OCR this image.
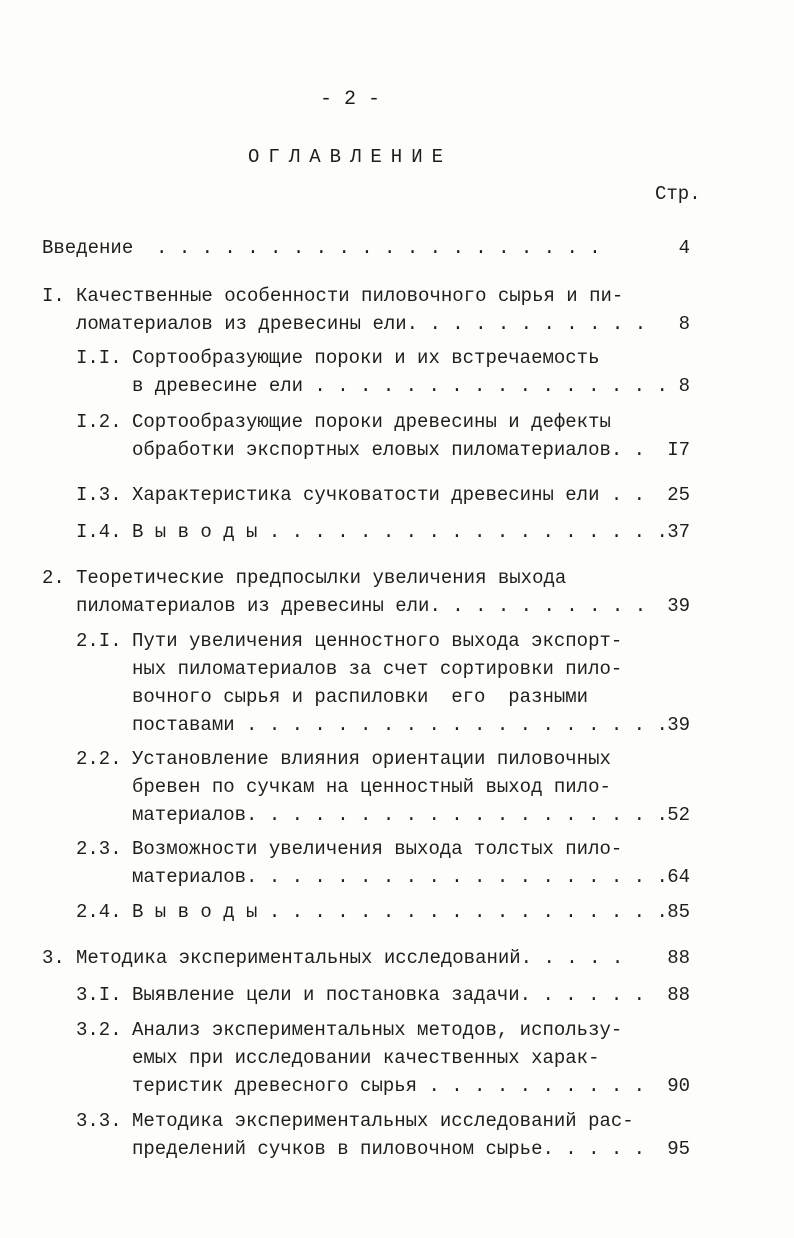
- 2 -
ОГЛАВЛЕНИЕ
Стр.
Введение  . . . . . . . . . . . . . . . . . . . .	4
I. Качественные особенности пиловочного сырья и пи-
ломатериалов из древесины ели. . . . . . . . . . .	8
I.I. Сортообразующие пороки и их встречаемость
в древесине ели . . . . . . . . . . . . . . . . 8
I.2. Сортообразующие пороки древесины и дефекты
обработки экспортных еловых пиломатериалов. .	I7
I.3. Характеристика сучковатости древесины ели . .	25
I.4. В ы в о д ы . . . . . . . . . . . . . . . . . . 37
2. Теоретические предпосылки увеличения выхода
пиломатериалов из древесины ели. . . . . . . . . .	39
2.I. Пути увеличения ценностного выхода экспорт-
ных пиломатериалов за счет сортировки пило-
вочного сырья и распиловки  его  разными
поставами . . . . . . . . . . . . . . . . . . . 39
2.2. Установление влияния ориентации пиловочных
бревен по сучкам на ценностный выход пило-
материалов. . . . . . . . . . . . . . . . . . . 52
2.3. Возможности увеличения выхода толстых пило-
материалов. . . . . . . . . . . . . . . . . . . 64
2.4. В ы в о д ы . . . . . . . . . . . . . . . . . . 85
3. Методика экспериментальных исследований. . . . .	88
3.I. Выявление цели и постановка задачи. . . . . .	88
3.2. Анализ экспериментальных методов, использу-
емых при исследовании качественных харак-
теристик древесного сырья . . . . . . . . . .	90
3.3. Методика экспериментальных исследований рас-
пределений сучков в пиловочном сырье. . . . .	95
